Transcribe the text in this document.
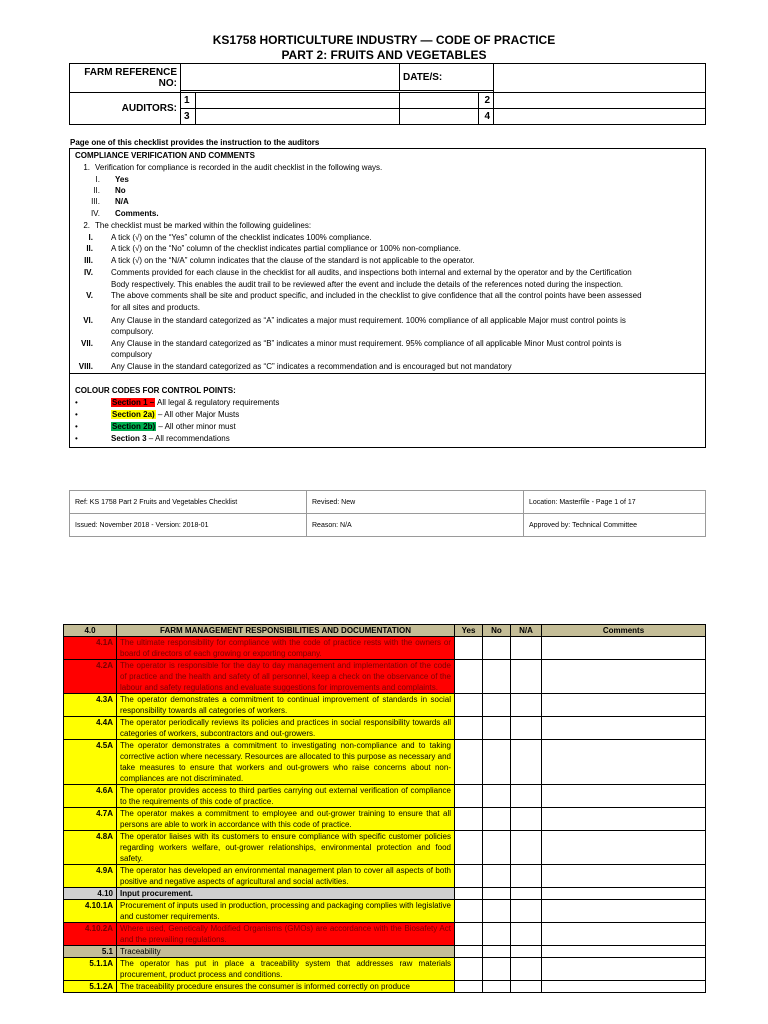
KS1758 HORTICULTURE INDUSTRY — CODE OF PRACTICE
PART 2: FRUITS AND VEGETABLES
FARM REFERENCE NO:			DATE/S:		

AUDITORS:	1			2	
	3			4	
Page one of this checklist provides the instruction to the auditors
COMPLIANCE VERIFICATION AND COMMENTS
1. Verification for compliance is recorded in the audit checklist in the following ways.
I. Yes
II. No
III. N/A
IV. Comments.
2. The checklist must be marked within the following guidelines:
I. A tick (√) on the “Yes” column of the checklist indicates 100% compliance.
II. A tick (√) on the “No” column of the checklist indicates partial compliance or 100% non-compliance.
III. A tick (√) on the “N/A” column indicates that the clause of the standard is not applicable to the operator.
IV. Comments provided for each clause in the checklist for all audits, and inspections both internal and external by the operator and by the Certification
Body respectively. This enables the audit trail to be reviewed after the event and include the details of the references noted during the inspection.
V. The above comments shall be site and product specific, and included in the checklist to give confidence that all the control points have been assessed
for all sites and products.
VI. Any Clause in the standard categorized as “A” indicates a major must requirement. 100% compliance of all applicable Major must control points is
compulsory.
VII. Any Clause in the standard categorized as “B” indicates a minor must requirement. 95% compliance of all applicable Minor Must control points is
compulsory
VIII. Any Clause in the standard categorized as “C” indicates a recommendation and is encouraged but not mandatory
COLOUR CODES FOR CONTROL POINTS:
•	Section 1 – All legal & regulatory requirements
•	Section 2a) – All other Major Musts
•	Section 2b) – All other minor must
•	Section 3 – All recommendations
Ref: KS 1758 Part 2 Fruits and Vegetables Checklist	Revised: New	Location: Masterfile - Page 1 of 17
Issued: November 2018 - Version: 2018-01	Reason: N/A	Approved by: Technical Committee
4.0	FARM MANAGEMENT RESPONSIBILITIES AND DOCUMENTATION	Yes	No	N/A	Comments
4.1A	The ultimate responsibility for compliance with the code of practice rests with the owners or board of directors of each growing or exporting company.				
4.2A	The operator is responsible for the day to day management and implementation of the code of practice and the health and safety of all personnel, keep a check on the observance of the labour and safety regulations and evaluate suggestions for improvements and complaints.				
4.3A	The operator demonstrates a commitment to continual improvement of standards in social responsibility towards all categories of workers.				
4.4A	The operator periodically reviews its policies and practices in social responsibility towards all categories of workers, subcontractors and out-growers.				
4.5A	The operator demonstrates a commitment to investigating non-compliance and to taking corrective action where necessary. Resources are allocated to this purpose as necessary and take measures to ensure that workers and out-growers who raise concerns about non-compliances are not discriminated.				
4.6A	The operator provides access to third parties carrying out external verification of compliance to the requirements of this code of practice.				
4.7A	The operator makes a commitment to employee and out-grower training to ensure that all persons are able to work in accordance with this code of practice.				
4.8A	The operator liaises with its customers to ensure compliance with specific customer policies regarding workers welfare, out-grower relationships, environmental protection and food safety.				
4.9A	The operator has developed an environmental management plan to cover all aspects of both positive and negative aspects of agricultural and social activities.				
4.10	Input procurement.				
4.10.1A	Procurement of inputs used in production, processing and packaging complies with legislative and customer requirements.				
4.10.2A	Where used, Genetically Modified Organisms (GMOs) are accordance with the Biosafety Act and the prevailing regulations.				
5.1	Traceability				
5.1.1A	The operator has put in place a traceability system that addresses raw materials procurement, product process and conditions.				
5.1.2A	The traceability procedure ensures the consumer is informed correctly on produce				
